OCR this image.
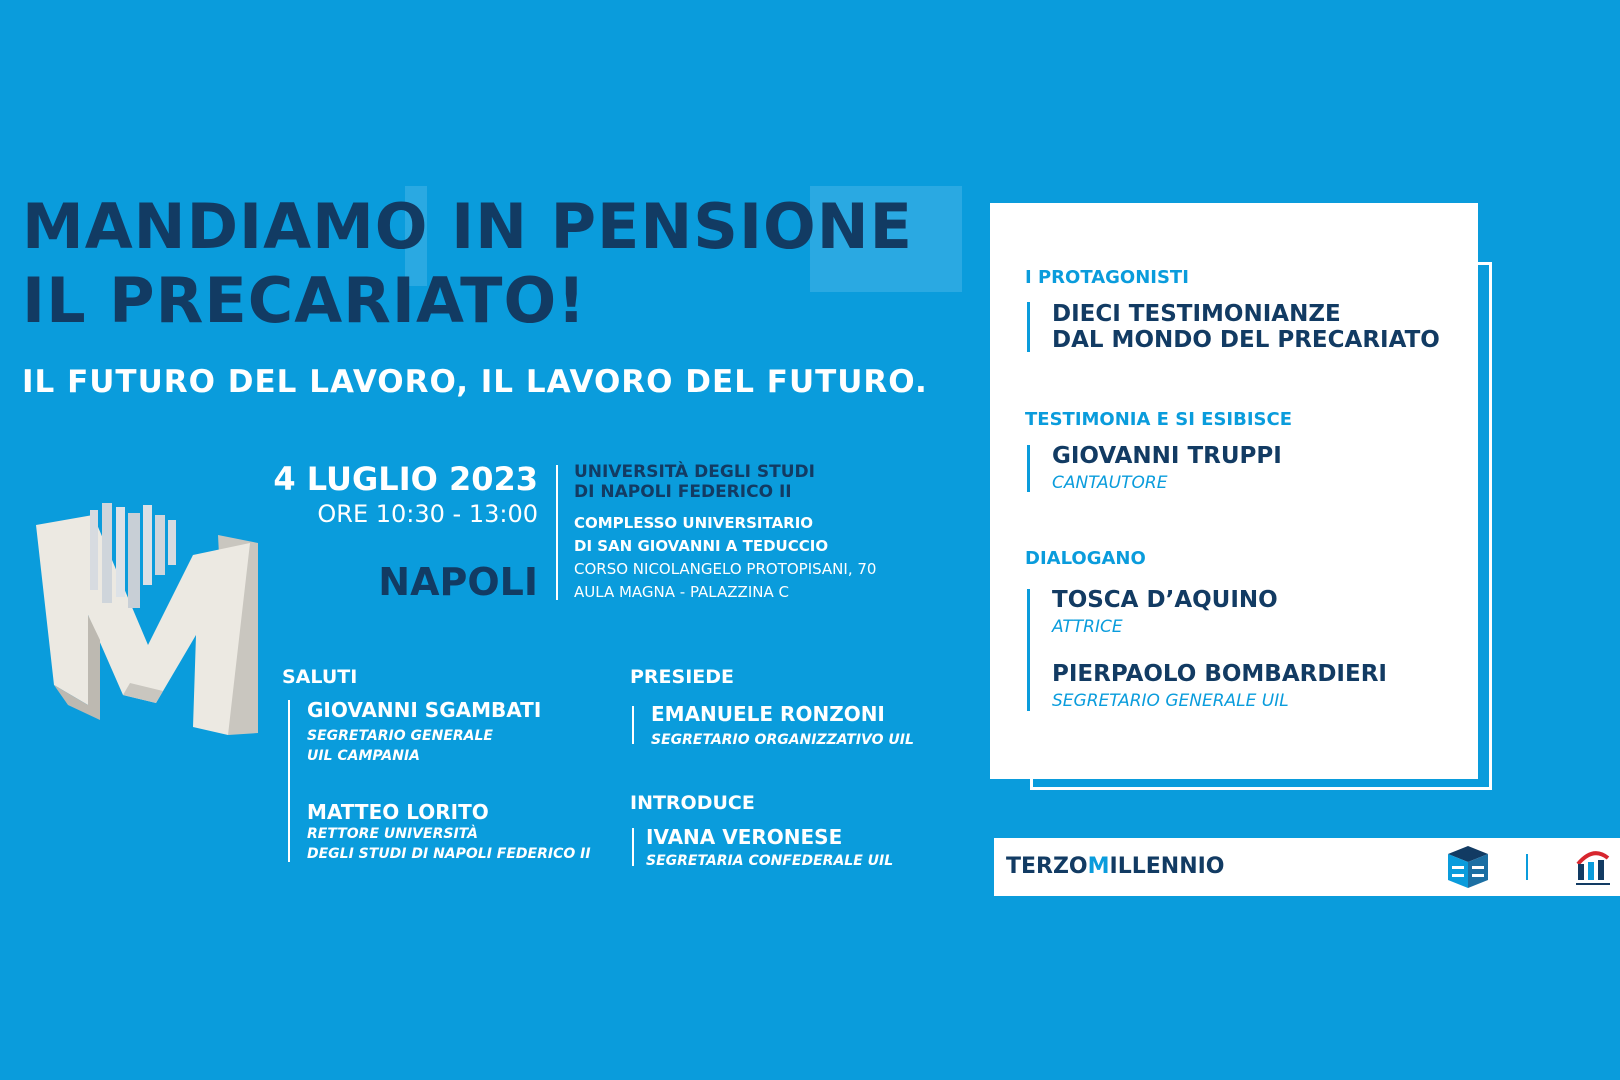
MANDIAMO IN PENSIONE
IL PRECARIATO!
IL FUTURO DEL LAVORO, IL LAVORO DEL FUTURO.
4 LUGLIO 2023
ORE 10:30 - 13:00
NAPOLI
UNIVERSITÀ DEGLI STUDI
DI NAPOLI FEDERICO II
COMPLESSO UNIVERSITARIO
DI SAN GIOVANNI A TEDUCCIO
CORSO NICOLANGELO PROTOPISANI, 70
AULA MAGNA - PALAZZINA C
SALUTI
GIOVANNI SGAMBATI
SEGRETARIO GENERALE
UIL CAMPANIA
MATTEO LORITO
RETTORE UNIVERSITÀ
DEGLI STUDI DI NAPOLI FEDERICO II
PRESIEDE
EMANUELE RONZONI
SEGRETARIO ORGANIZZATIVO UIL
INTRODUCE
IVANA VERONESE
SEGRETARIA CONFEDERALE UIL
I PROTAGONISTI
DIECI TESTIMONIANZE
DAL MONDO DEL PRECARIATO
TESTIMONIA E SI ESIBISCE
GIOVANNI TRUPPI
CANTAUTORE
DIALOGANO
TOSCA D’AQUINO
ATTRICE
PIERPAOLO BOMBARDIERI
SEGRETARIO GENERALE UIL
TERZOMILLENNIO
